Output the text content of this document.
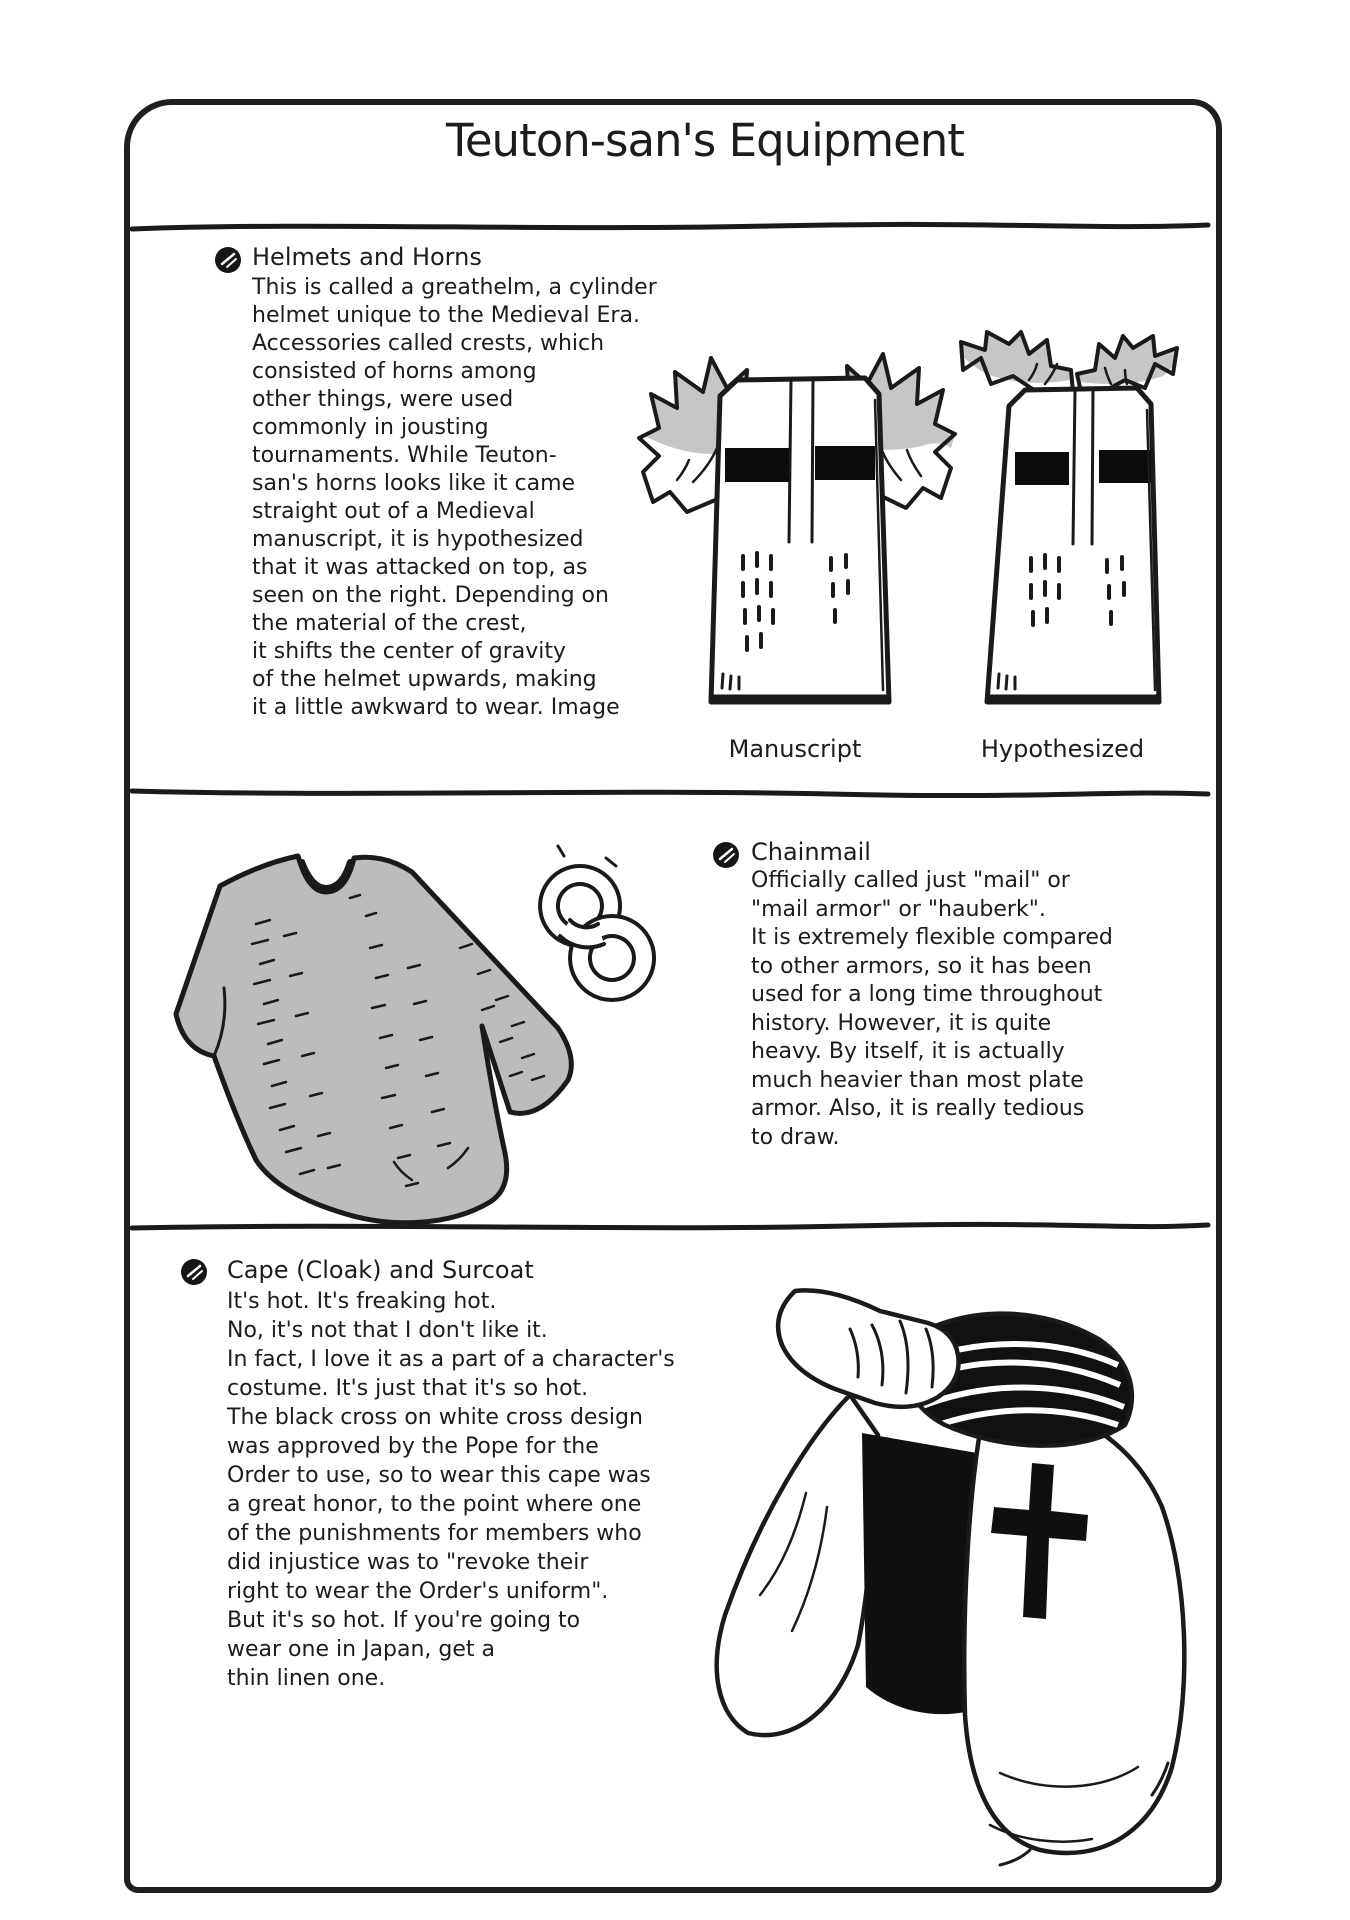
Teuton-san's Equipment
Helmets and Horns
This is called a greathelm, a cylinder
helmet unique to the Medieval Era.
Accessories called crests, which
consisted of horns among
other things, were used
commonly in jousting
tournaments. While Teuton-
san's horns looks like it came
straight out of a Medieval
manuscript, it is hypothesized
that it was attacked on top, as
seen on the right. Depending on
the material of the crest,
it shifts the center of gravity
of the helmet upwards, making
it a little awkward to wear. Image
Manuscript	Hypothesized
Chainmail
Officially called just "mail" or
"mail armor" or "hauberk".
It is extremely flexible compared
to other armors, so it has been
used for a long time throughout
history. However, it is quite
heavy. By itself, it is actually
much heavier than most plate
armor. Also, it is really tedious
to draw.
Cape (Cloak) and Surcoat
It's hot. It's freaking hot.
No, it's not that I don't like it.
In fact, I love it as a part of a character's
costume. It's just that it's so hot.
The black cross on white cross design
was approved by the Pope for the
Order to use, so to wear this cape was
a great honor, to the point where one
of the punishments for members who
did injustice was to "revoke their
right to wear the Order's uniform".
But it's so hot. If you're going to
wear one in Japan, get a
thin linen one.
